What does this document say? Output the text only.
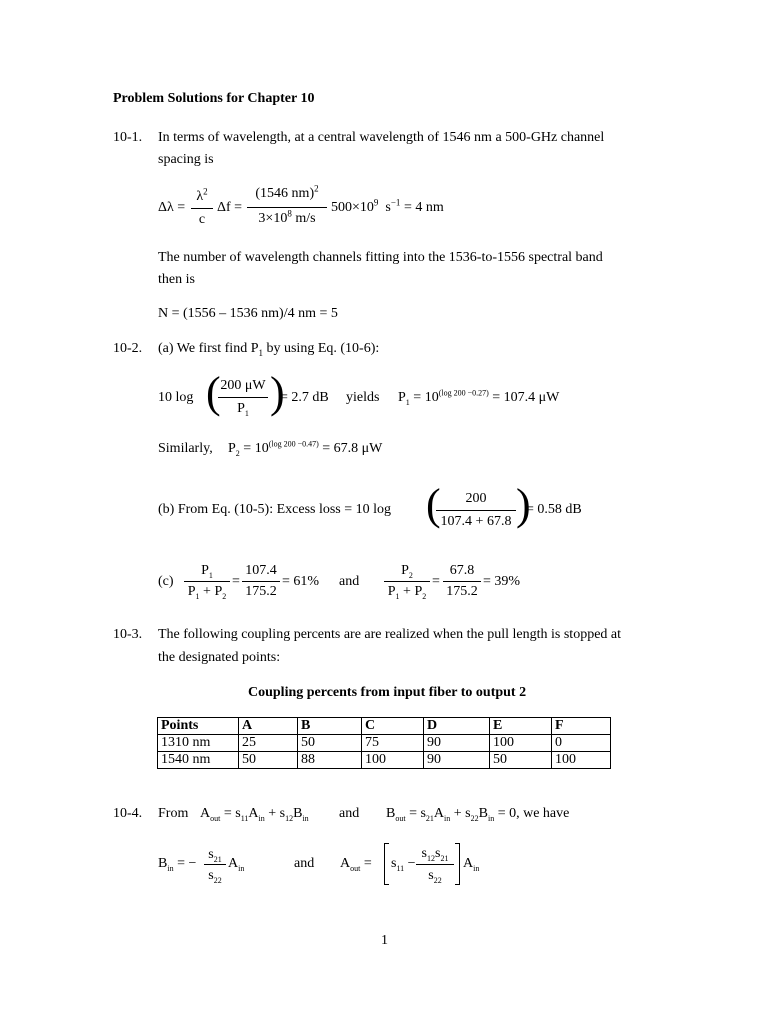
Problem Solutions for Chapter 10
10-1. In terms of wavelength, at a central wavelength of 1546 nm a 500-GHz channel
spacing is
Δλ =
$\lambda^2$
c
Δf =
(1546 nm)$^2$
$3\times 10^8$ m/s
$500\times 10^9$ $s^{-1} = 4$ nm
The number of wavelength channels fitting into the 1536-to-1556 spectral band
then is
N = (1556 – 1536 nm)/4 nm = 5
10-2. (a) We first find $P_1$ by using Eq. (10-6):
10 log ( 200 μW
$P_1$ )
= 2.7 dB yields $P_1 = 10^{(log 200 -0.27)} = 107.4$ μW
Similarly, $P_2 = 10^{(log 200 -0.47)} = 67.8$ μW
(b) From Eq. (10-5): Excess loss = 10 log (	200
107.4 + 67.8 )
= 0.58 dB
(c)
$P_1$
$P_1 + P_2$
=
107.4
175.2
= 61% and
$P_2$
$P_1 + P_2$
=
67.8
175.2
= 39%
10-3. The following coupling percents are are realized when the pull length is stopped at
the designated points:
Coupling percents from input fiber to output 2
Points	A	B	C	D	E	F
1310 nm	25	50	75	90	100	0
1540 nm	50	88	100	90	50	100
10-4. From $A_{out} = s_{11}A_{in} + s_{12}B_{in}$ and $B_{out} = s_{21}A_{in} + s_{22}B_{in} = 0$, we have
$B_{in}$ = −
$s_{21}$
$s_{22}$
$A_{in}$	and $A_{out} = s_{11}$ −
$s_{12}s_{21}$
$s_{22}$
$A_{in}$
1
